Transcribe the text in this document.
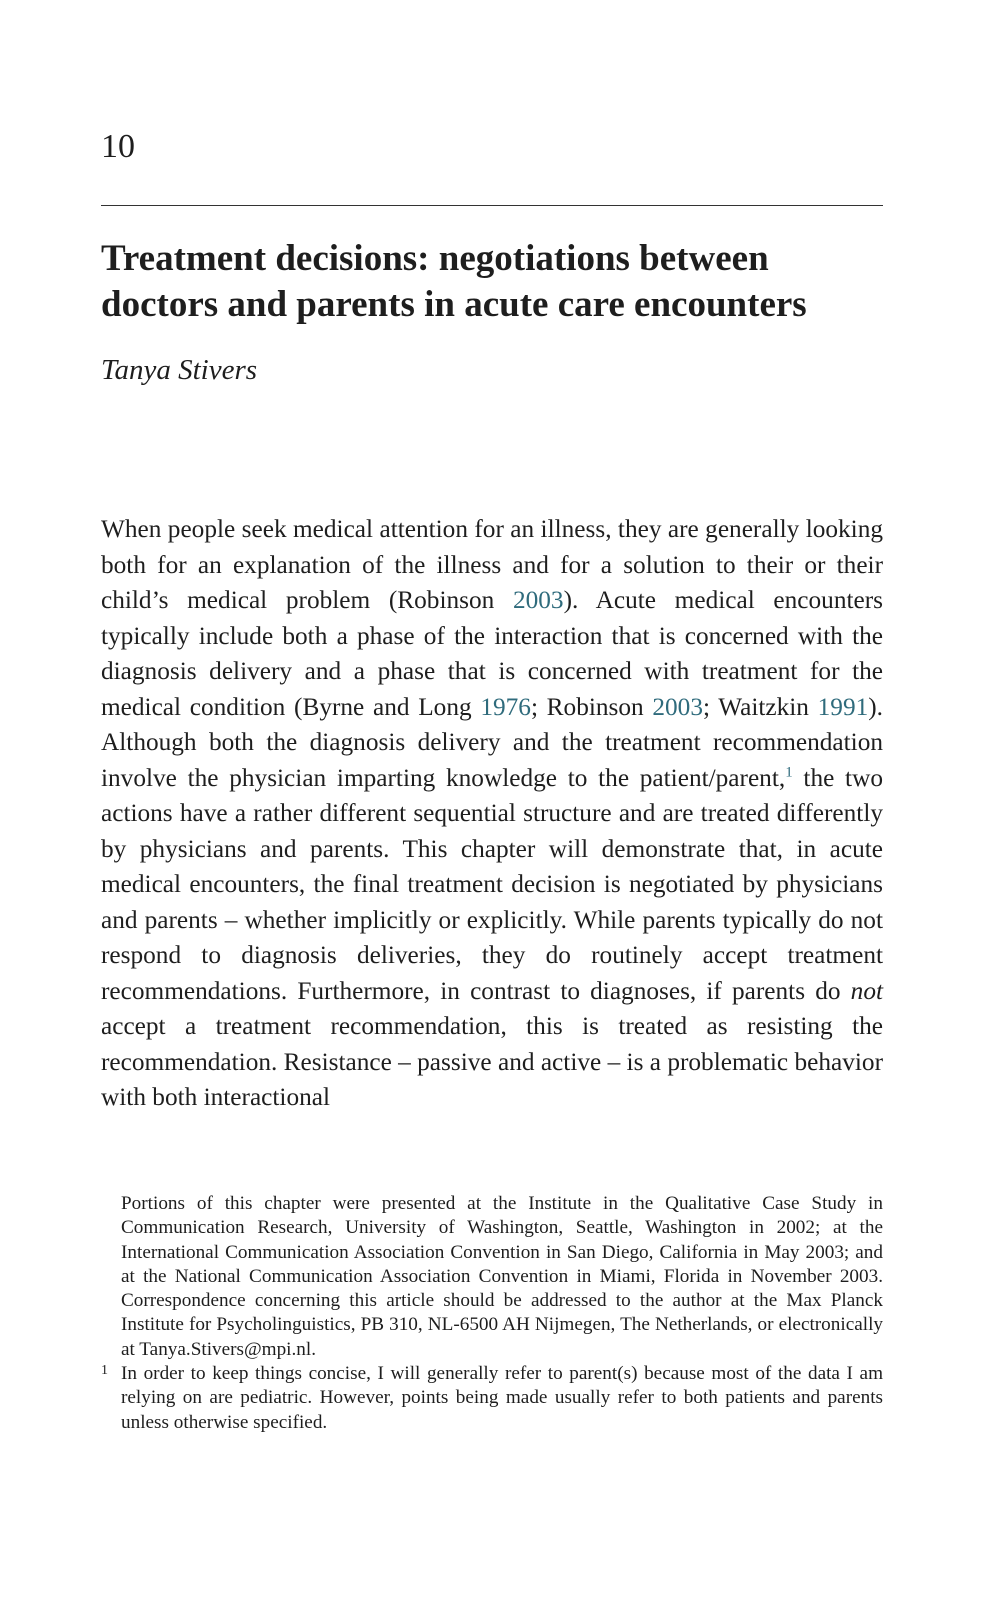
10
Treatment decisions: negotiations between doctors and parents in acute care encounters
Tanya Stivers

When people seek medical attention for an illness, they are generally looking both for an explanation of the illness and for a solution to their or their child’s medical problem (Robinson 2003). Acute medical encounters typically include both a phase of the interaction that is concerned with the diagnosis delivery and a phase that is concerned with treatment for the medical condition (Byrne and Long 1976; Robinson 2003; Waitzkin 1991). Although both the diagnosis delivery and the treatment recommendation involve the physician imparting knowledge to the patient/parent,$^1$ the two actions have a rather different sequential structure and are treated differently by physicians and parents. This chapter will demonstrate that, in acute medical encounters, the final treatment decision is negotiated by physicians and parents – whether implicitly or explicitly. While parents typically do not respond to diagnosis deliveries, they do routinely accept treatment recommendations. Furthermore, in contrast to diagnoses, if parents do not accept a treatment recommendation, this is treated as resisting the recommendation. Resistance – passive and active – is a problematic behavior with both interactional

Portions of this chapter were presented at the Institute in the Qualitative Case Study in Communication Research, University of Washington, Seattle, Washington in 2002; at the International Communication Association Convention in San Diego, California in May 2003; and at the National Communication Association Convention in Miami, Florida in November 2003. Correspondence concerning this article should be addressed to the author at the Max Planck Institute for Psycholinguistics, PB 310, NL-6500 AH Nijmegen, The Netherlands, or electronically at Tanya.Stivers@mpi.nl.

1 In order to keep things concise, I will generally refer to parent(s) because most of the data I am relying on are pediatric. However, points being made usually refer to both patients and parents unless otherwise specified.
